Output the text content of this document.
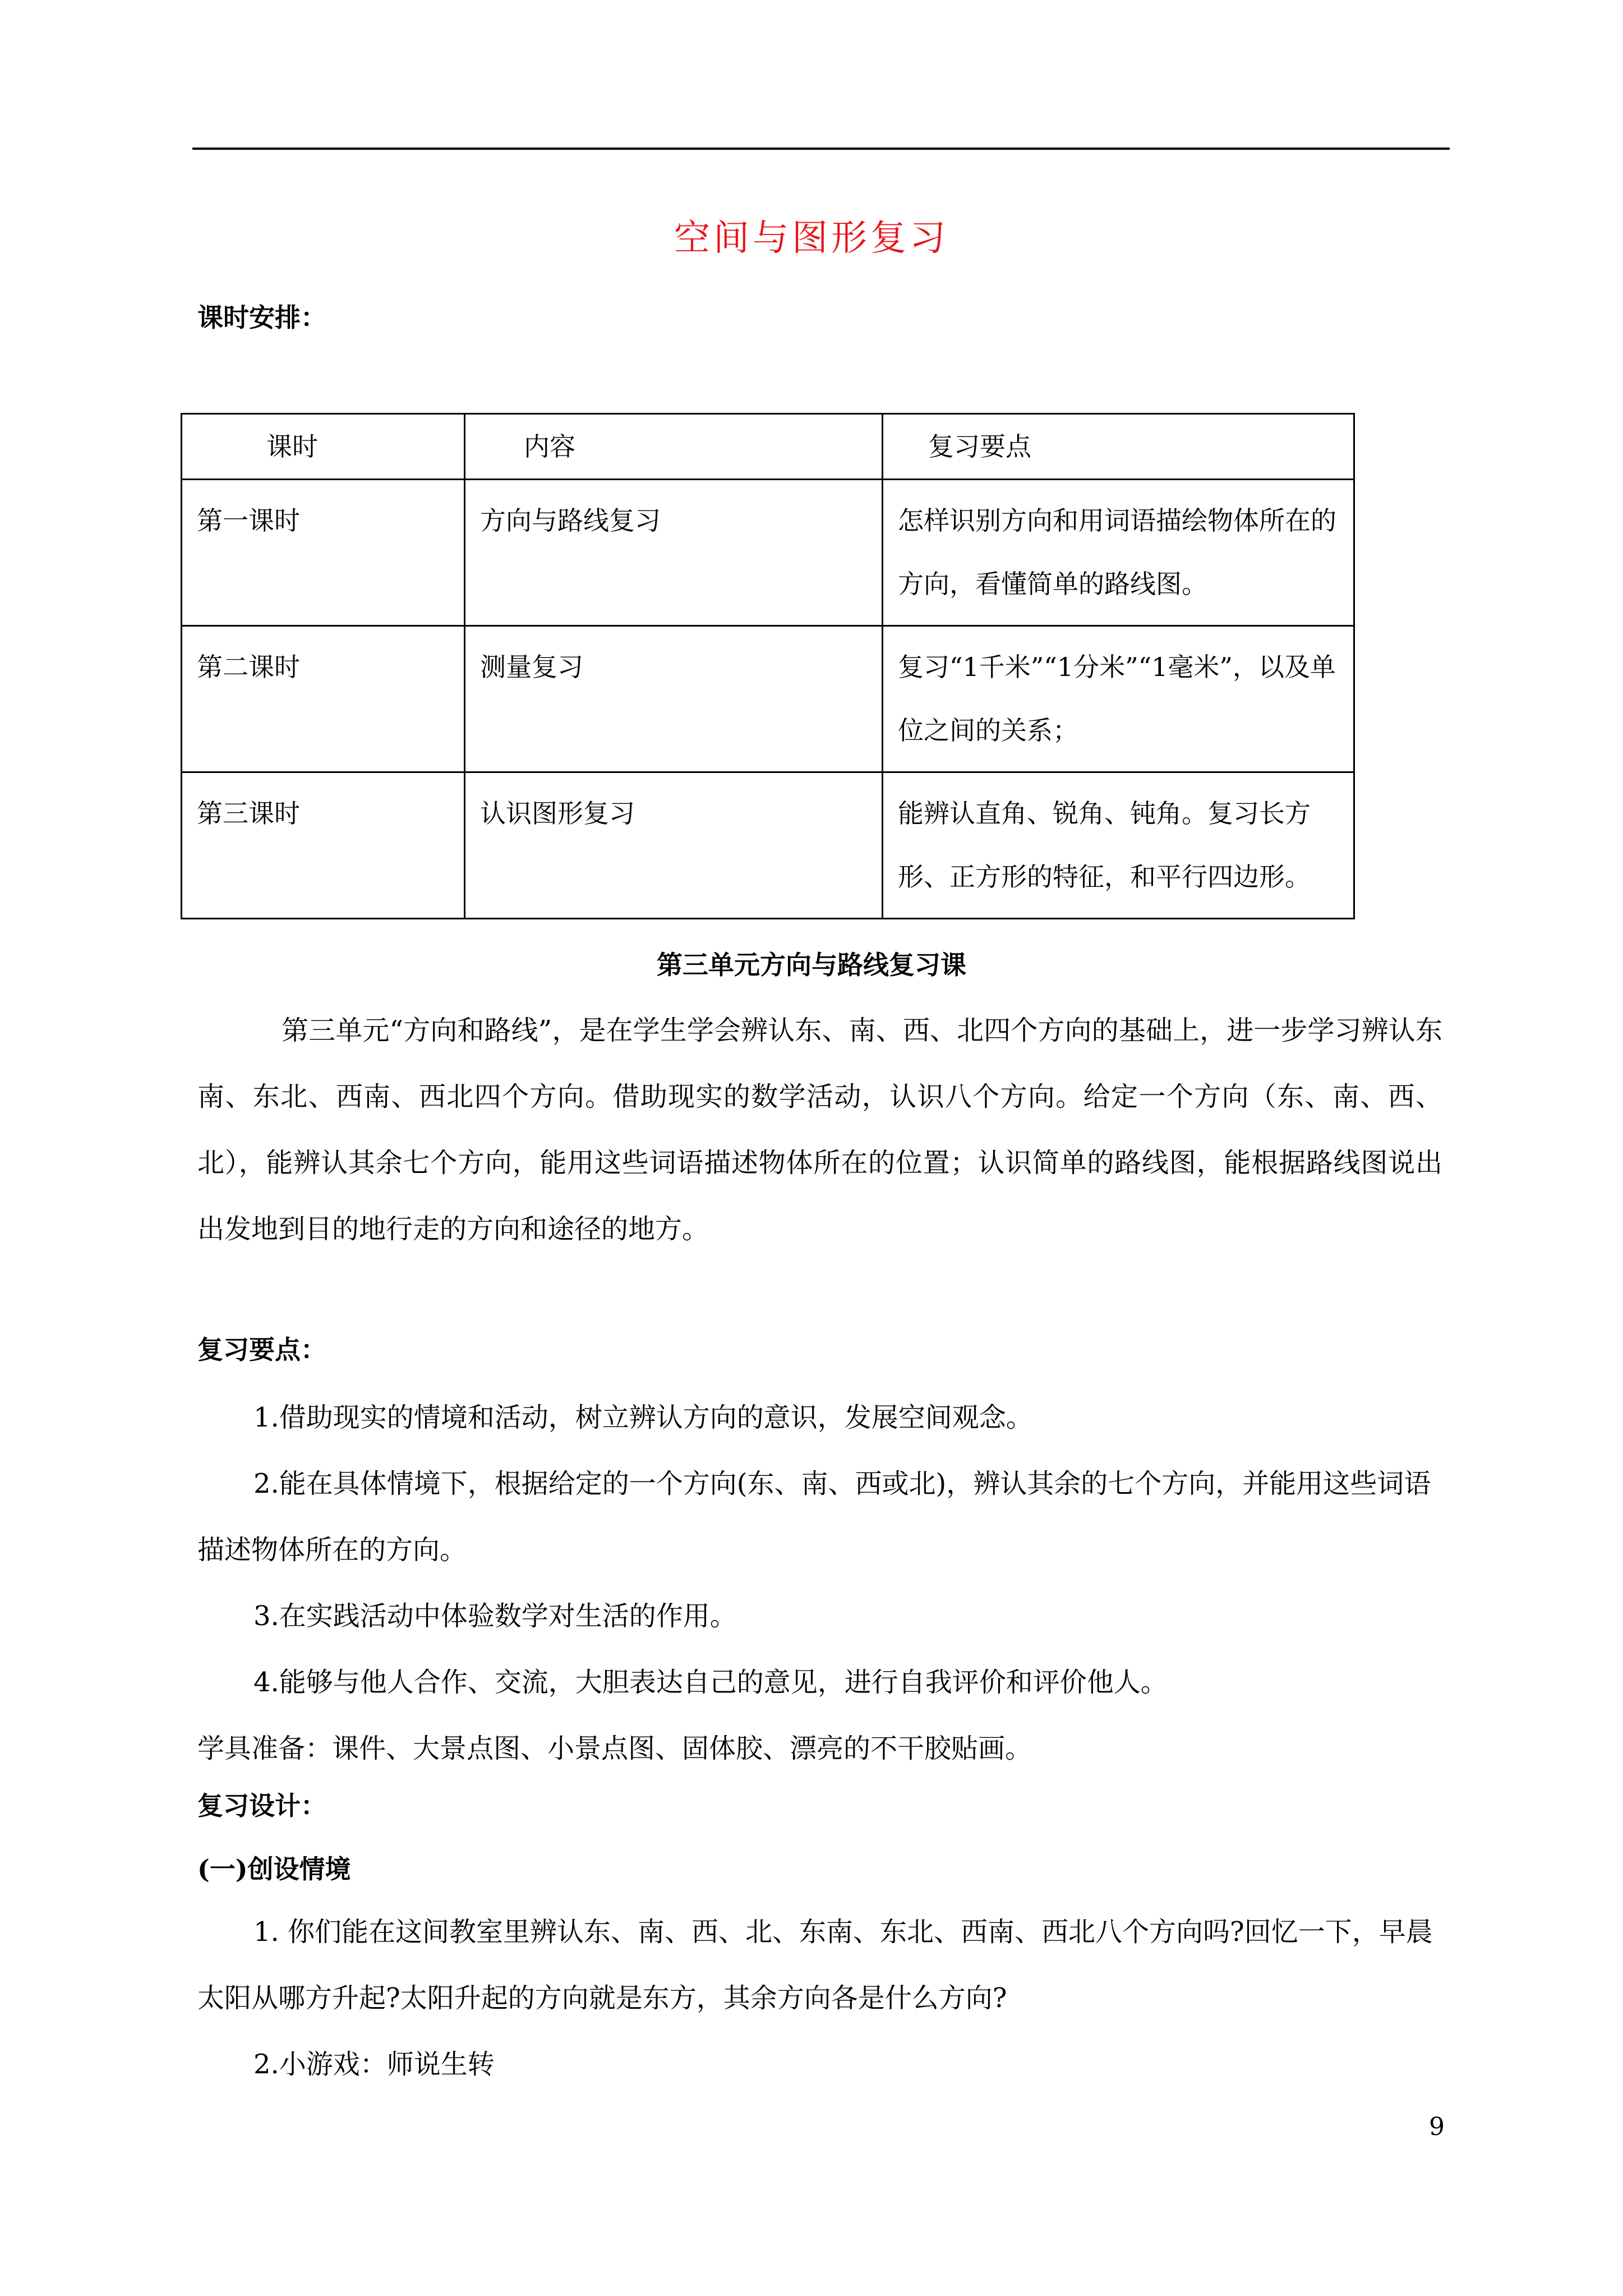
空间与图形复习
课时安排：
课时	内容	复习要点
第一课时	方向与路线复习	怎样识别方向和用词语描绘物体所在的方向，看懂简单的路线图。
第二课时	测量复习	复习“1千米”“1分米”“1毫米”，以及单位之间的关系；
第三课时	认识图形复习	能辨认直角、锐角、钝角。复习长方形、正方形的特征，和平行四边形。
第三单元方向与路线复习课
第三单元“方向和路线”，是在学生学会辨认东、南、西、北四个方向的基础上，进一步学习辨认东南、东北、西南、西北四个方向。借助现实的数学活动，认识八个方向。给定一个方向（东、南、西、北），能辨认其余七个方向，能用这些词语描述物体所在的位置；认识简单的路线图，能根据路线图说出出发地到目的地行走的方向和途径的地方。
复习要点：
1.借助现实的情境和活动，树立辨认方向的意识，发展空间观念。
2.能在具体情境下，根据给定的一个方向(东、南、西或北)，辨认其余的七个方向，并能用这些词语描述物体所在的方向。
3.在实践活动中体验数学对生活的作用。
4.能够与他人合作、交流，大胆表达自己的意见，进行自我评价和评价他人。
学具准备：课件、大景点图、小景点图、固体胶、漂亮的不干胶贴画。
复习设计：
(一)创设情境
1. 你们能在这间教室里辨认东、南、西、北、东南、东北、西南、西北八个方向吗?回忆一下，早晨太阳从哪方升起?太阳升起的方向就是东方，其余方向各是什么方向?
2.小游戏：师说生转
9
